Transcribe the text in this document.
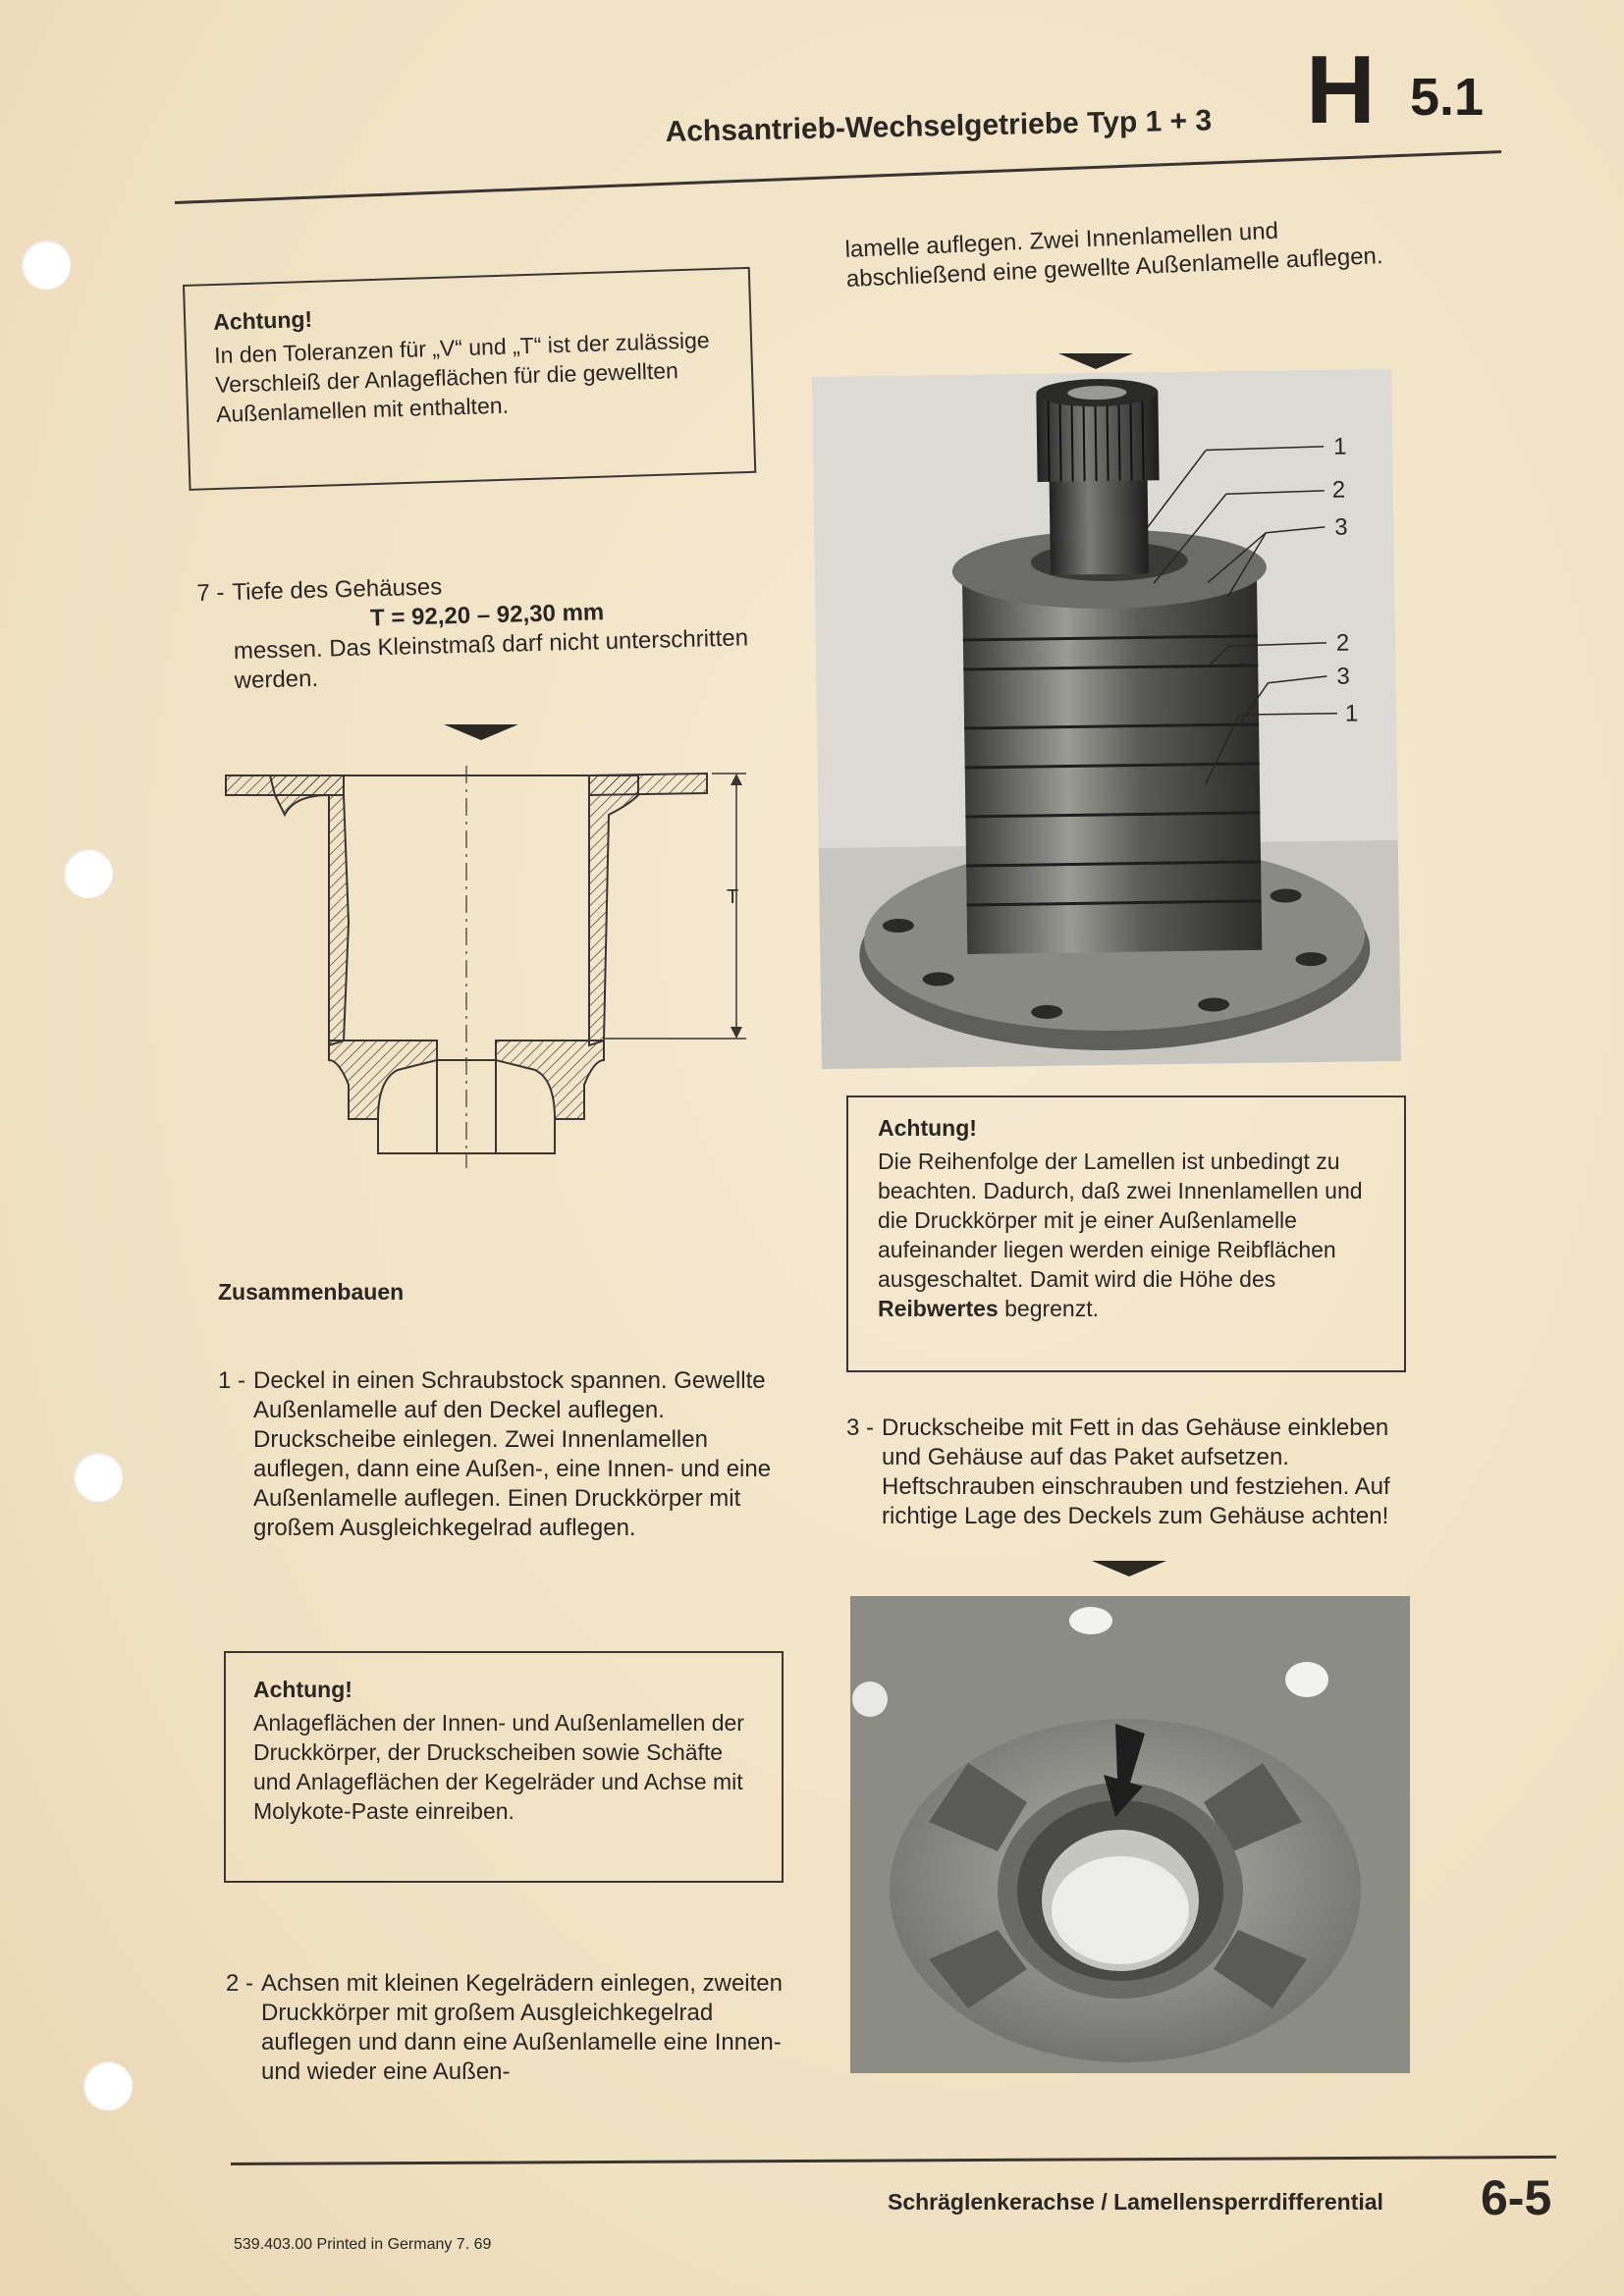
Achsantrieb-Wechselgetriebe Typ 1 + 3 H 5.1
Achtung!
In den Toleranzen für „V“ und „T“ ist der zulässige Verschleiß der Anlageflächen für die gewellten Außenlamellen mit enthalten.
7 - Tiefe des Gehäuses
T = 92,20 – 92,30 mm
messen. Das Kleinstmaß darf nicht unterschritten werden.
T
Zusammenbauen
1 - Deckel in einen Schraubstock spannen. Gewellte Außenlamelle auf den Deckel auflegen. Druckscheibe einlegen. Zwei Innenlamellen auflegen, dann eine Außen-, eine Innen- und eine Außenlamelle auflegen. Einen Druckkörper mit großem Ausgleichkegelrad auflegen.
Achtung!
Anlageflächen der Innen- und Außenlamellen der Druckkörper, der Druckscheiben sowie Schäfte und Anlageflächen der Kegelräder und Achse mit Molykote-Paste einreiben.
2 - Achsen mit kleinen Kegelrädern einlegen, zweiten Druckkörper mit großem Ausgleichkegelrad auflegen und dann eine Außenlamelle eine Innen- und wieder eine Außen-
lamelle auflegen. Zwei Innenlamellen und abschließend eine gewellte Außenlamelle auflegen.
1
2
3
2
3
1
Achtung!
Die Reihenfolge der Lamellen ist unbedingt zu beachten. Dadurch, daß zwei Innenlamellen und die Druckkörper mit je einer Außenlamelle aufeinander liegen werden einige Reibflächen ausgeschaltet. Damit wird die Höhe des Reibwertes begrenzt.
3 - Druckscheibe mit Fett in das Gehäuse einkleben und Gehäuse auf das Paket aufsetzen. Heftschrauben einschrauben und festziehen. Auf richtige Lage des Deckels zum Gehäuse achten!
Schräglenkerachse / Lamellensperrdifferential 6-5
539.403.00 Printed in Germany 7. 69
